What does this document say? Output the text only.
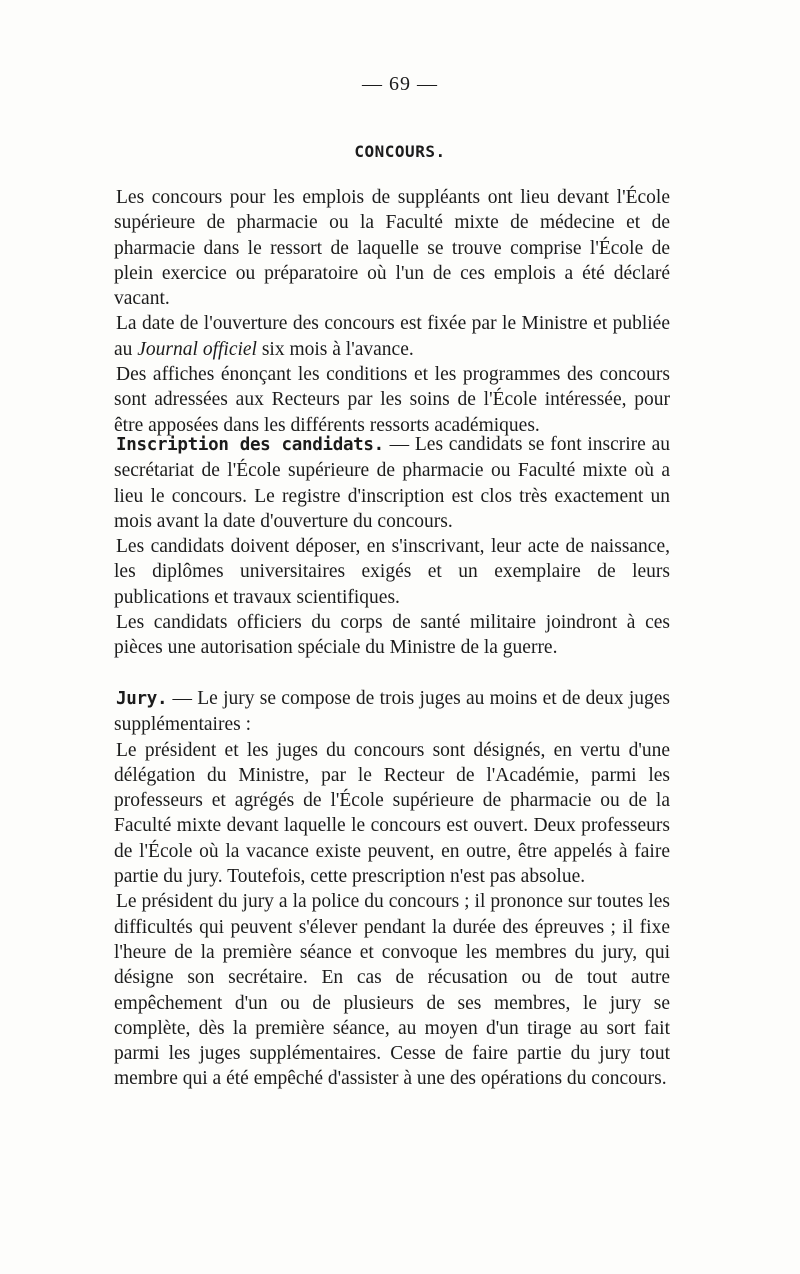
— 69 —
CONCOURS.

Les concours pour les emplois de suppléants ont lieu devant l'École supérieure de pharmacie ou la Faculté mixte de médecine et de pharmacie dans le ressort de laquelle se trouve comprise l'École de plein exercice ou préparatoire où l'un de ces emplois a été déclaré vacant.

La date de l'ouverture des concours est fixée par le Ministre et publiée au Journal officiel six mois à l'avance.

Des affiches énonçant les conditions et les programmes des concours sont adressées aux Recteurs par les soins de l'École intéressée, pour être apposées dans les différents ressorts académiques.

Inscription des candidats. — Les candidats se font inscrire au secrétariat de l'École supérieure de pharmacie ou Faculté mixte où a lieu le concours. Le registre d'inscription est clos très exactement un mois avant la date d'ouverture du concours.

Les candidats doivent déposer, en s'inscrivant, leur acte de naissance, les diplômes universitaires exigés et un exemplaire de leurs publications et travaux scientifiques.

Les candidats officiers du corps de santé militaire joindront à ces pièces une autorisation spéciale du Ministre de la guerre.

Jury. — Le jury se compose de trois juges au moins et de deux juges supplémentaires :

Le président et les juges du concours sont désignés, en vertu d'une délégation du Ministre, par le Recteur de l'Académie, parmi les professeurs et agrégés de l'École supérieure de pharmacie ou de la Faculté mixte devant laquelle le concours est ouvert. Deux professeurs de l'École où la vacance existe peuvent, en outre, être appelés à faire partie du jury. Toutefois, cette prescription n'est pas absolue.

Le président du jury a la police du concours ; il prononce sur toutes les difficultés qui peuvent s'élever pendant la durée des épreuves ; il fixe l'heure de la première séance et convoque les membres du jury, qui désigne son secrétaire. En cas de récusation ou de tout autre empêchement d'un ou de plusieurs de ses membres, le jury se complète, dès la première séance, au moyen d'un tirage au sort fait parmi les juges supplémentaires. Cesse de faire partie du jury tout membre qui a été empêché d'assister à une des opérations du concours.
